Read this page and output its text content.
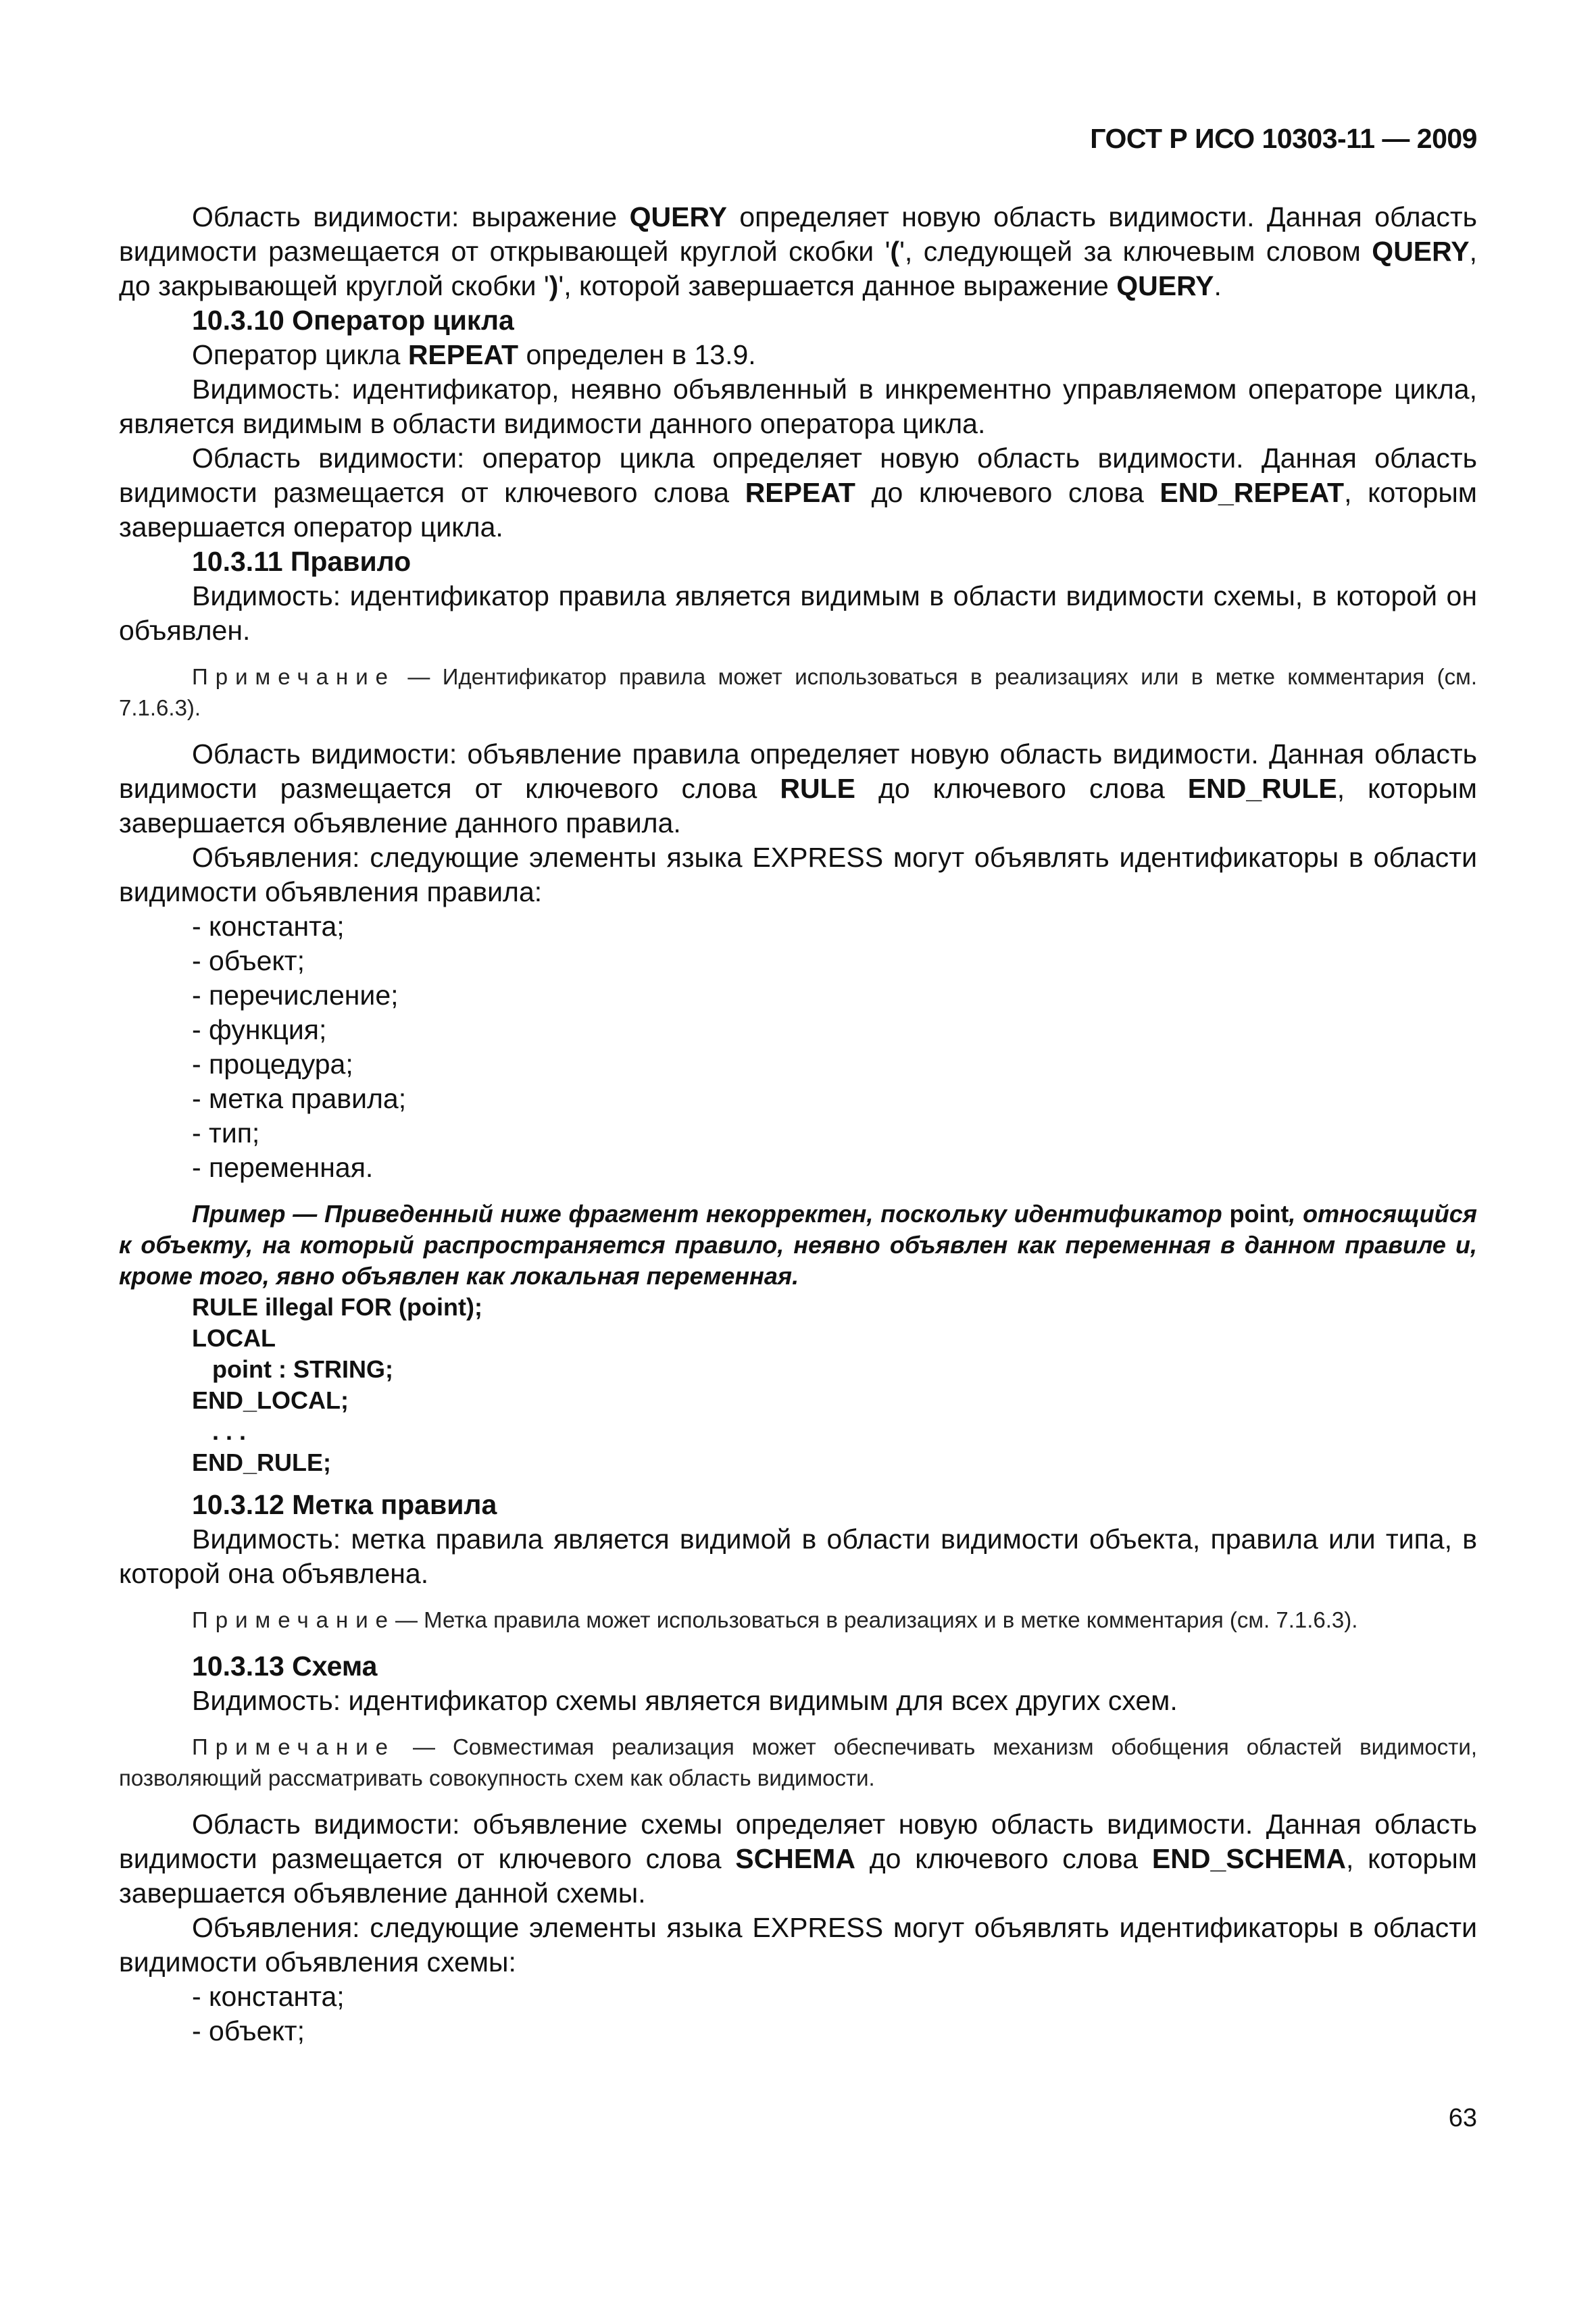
ГОСТ Р ИСО 10303-11 — 2009

Область видимости: выражение QUERY определяет новую область видимости. Данная область видимости размещается от открывающей круглой скобки '(', следующей за ключевым словом QUERY, до закрывающей круглой скобки ')', которой завершается данное выражение QUERY.

10.3.10 Оператор цикла

Оператор цикла REPEAT определен в 13.9.

Видимость: идентификатор, неявно объявленный в инкрементно управляемом операторе цикла, является видимым в области видимости данного оператора цикла.

Область видимости: оператор цикла определяет новую область видимости. Данная область видимости размещается от ключевого слова REPEAT до ключевого слова END_REPEAT, которым завершается оператор цикла.

10.3.11 Правило

Видимость: идентификатор правила является видимым в области видимости схемы, в которой он объявлен.

Примечание — Идентификатор правила может использоваться в реализациях или в метке комментария (см. 7.1.6.3).

Область видимости: объявление правила определяет новую область видимости. Данная область видимости размещается от ключевого слова RULE до ключевого слова END_RULE, которым завершается объявление данного правила.

Объявления: следующие элементы языка EXPRESS могут объявлять идентификаторы в области видимости объявления правила:

- константа;
- объект;
- перечисление;
- функция;
- процедура;
- метка правила;
- тип;
- переменная.

Пример — Приведенный ниже фрагмент некорректен, поскольку идентификатор point, относящийся к объекту, на который распространяется правило, неявно объявлен как переменная в данном правиле и, кроме того, явно объявлен как локальная переменная.

RULE illegal FOR (point);
LOCAL
point : STRING;
END_LOCAL;
. . .
END_RULE;

10.3.12 Метка правила

Видимость: метка правила является видимой в области видимости объекта, правила или типа, в которой она объявлена.

Примечание— Метка правила может использоваться в реализациях и в метке комментария (см. 7.1.6.3).

10.3.13 Схема

Видимость: идентификатор схемы является видимым для всех других схем.

Примечание — Совместимая реализация может обеспечивать механизм обобщения областей видимости, позволяющий рассматривать совокупность схем как область видимости.

Область видимости: объявление схемы определяет новую область видимости. Данная область видимости размещается от ключевого слова SCHEMA до ключевого слова END_SCHEMA, которым завершается объявление данной схемы.

Объявления: следующие элементы языка EXPRESS могут объявлять идентификаторы в области видимости объявления схемы:

- константа;
- объект;
63
